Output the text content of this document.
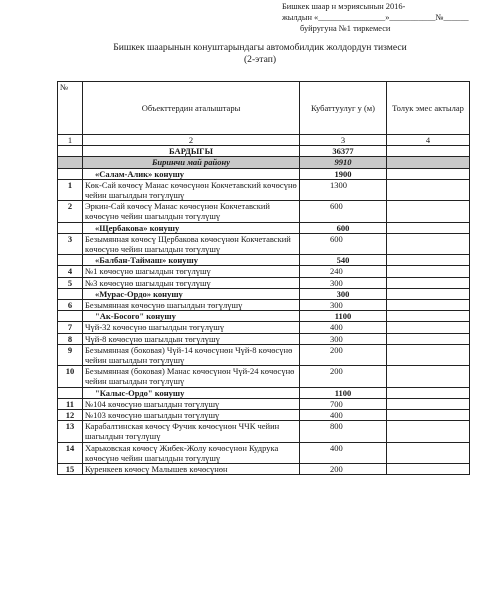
Бишкек шаар н мэриясынын 2016-
жылдын «________________»___________№______
буйругуна №1 тиркемеси
Бишкек шаарынын конуштарындагы автомобилдик жолдордун тизмеси
(2-этап)
№	Объекттердин аталыштары	Кубаттуулуг у (м)	Толук эмес актылар
1	2	3	4
	БАРДЫГЫ	36377	
	Биринчи май району	9910	
	«Салам-Алик» конушу	1900	
1	Көк-Сай көчөсү Манас көчөсүнөн Кокчетавский көчөсүнө чейин шагылдын төгүлүшү	1300	
2	Эркин-Сай көчөсү Манас көчөсүнөн Кокчетавский көчөсүнө чейин шагылдын төгүлүшү	600	
	«Щербакова» конушу	600	
3	Безымянная көчөсү Щербакова көчөсүнөн Кокчетавский көчөсүнө чейин шагылдын төгүлүшү	600	
	«Балбан-Таймаш» конушу	540	
4	№1 көчөсүнө шагылдын төгүлүшү	240	
5	№3 көчөсүнө шагылдын төгүлүшү	300	
	«Мурас-Ордо» конушу	300	
6	Безымянная көчөсүнө шагылдын төгүлүшү	300	
	"Ак-Босого" конушу	1100	
7	Чүй-32 көчөсүнө шагылдын төгүлүшү	400	
8	Чүй-8 көчөсүнө шагылдын төгүлүшү	300	
9	Безымянная (боковая) Чүй-14 көчөсүнөн Чүй-8 көчөсүнө чейин шагылдын төгүлүшү	200	
10	Безымянная (боковая) Манас көчөсүнөн Чүй-24 көчөсүнө чейин шагылдын төгүлүшү	200	
	"Калыс-Ордо" конушу	1100	
11	№104 көчөсүнө шагылдын төгүлүшү	700	
12	№103 көчөсүнө шагылдын төгүлүшү	400	
13	Карабалтинская көчөсү Фучик көчөсүнөн ЧЧК чейин шагылдын төгүлүшү	800	
14	Харьковская көчөсү Жибек-Жолу көчөсүнөн Кудрука көчөсүнө чейин шагылдын төгүлүшү	400	
15	Куренкеев көчөсү Малышев көчөсүнөн	200	
